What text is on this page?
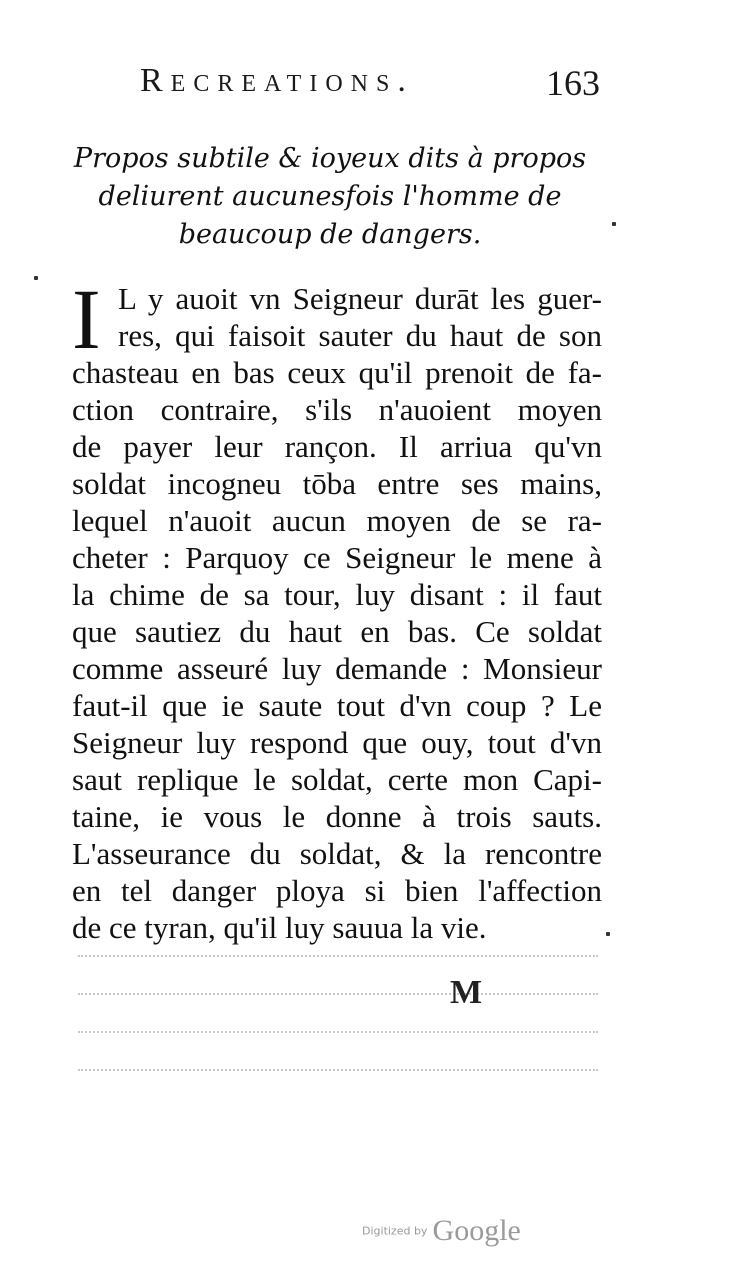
Recreations.	163
Propos subtile & ioyeux dits à propos
deliurent aucunesfois l'homme de
beaucoup de dangers.
I L y auoit vn Seigneur durāt les guer-
res, qui faisoit sauter du haut de son
chasteau en bas ceux qu'il prenoit de fa-
ction contraire, s'ils n'auoient moyen
de payer leur rançon. Il arriua qu'vn
soldat incogneu tōba entre ses mains,
lequel n'auoit aucun moyen de se ra-
cheter : Parquoy ce Seigneur le mene à
la chime de sa tour, luy disant : il faut
que sautiez du haut en bas. Ce soldat
comme asseuré luy demande : Monsieur
faut-il que ie saute tout d'vn coup ? Le
Seigneur luy respond que ouy, tout d'vn
saut replique le soldat, certe mon Capi-
taine, ie vous le donne à trois sauts.
L'asseurance du soldat, & la rencontre
en tel danger ploya si bien l'affection
de ce tyran, qu'il luy sauua la vie.
M
Digitized by Google
